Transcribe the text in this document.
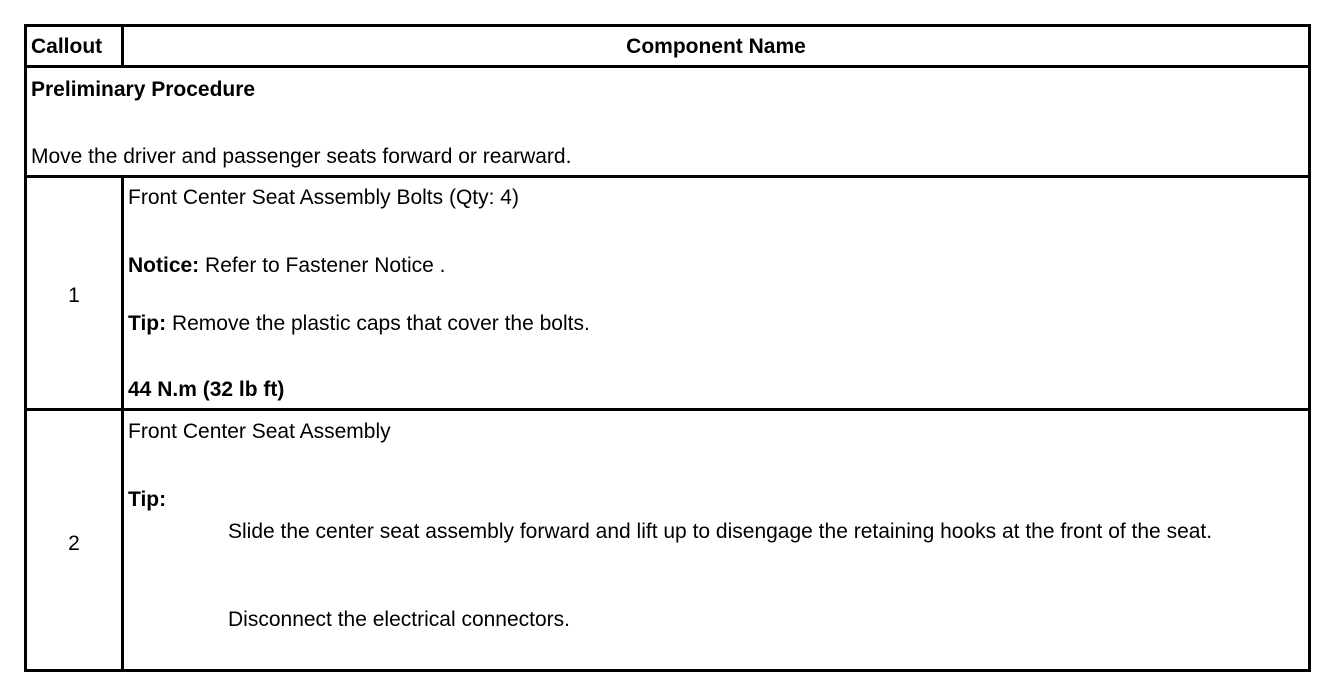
Callout	Component Name
Preliminary Procedure
Move the driver and passenger seats forward or rearward.
1
Front Center Seat Assembly Bolts (Qty: 4)
Notice: Refer to Fastener Notice .
Tip: Remove the plastic caps that cover the bolts.
44 N.m (32 lb ft)
2
Front Center Seat Assembly
Tip:
Slide the center seat assembly forward and lift up to disengage the retaining hooks at the front of the seat.
Disconnect the electrical connectors.
